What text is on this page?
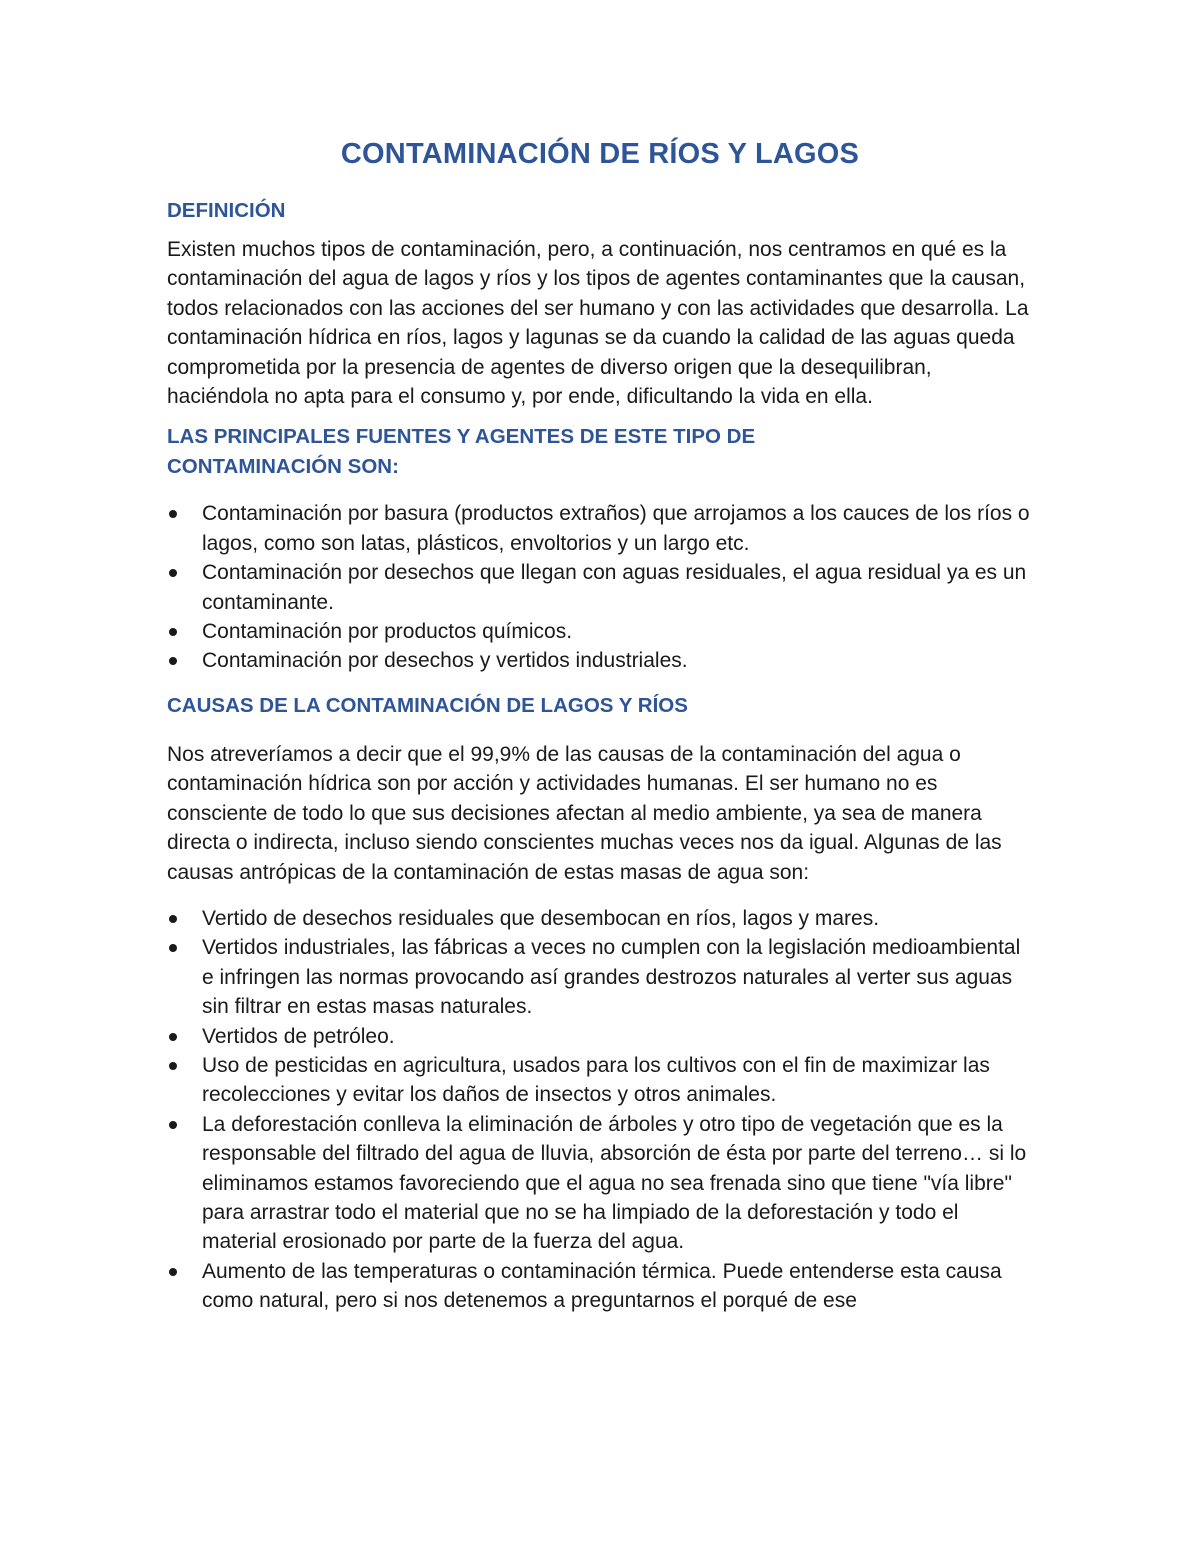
CONTAMINACIÓN DE RÍOS Y LAGOS
DEFINICIÓN

Existen muchos tipos de contaminación, pero, a continuación, nos centramos en qué es la contaminación del agua de lagos y ríos y los tipos de agentes contaminantes que la causan, todos relacionados con las acciones del ser humano y con las actividades que desarrolla. La contaminación hídrica en ríos, lagos y lagunas se da cuando la calidad de las aguas queda comprometida por la presencia de agentes de diverso origen que la desequilibran, haciéndola no apta para el consumo y, por ende, dificultando la vida en ella.

LAS PRINCIPALES FUENTES Y AGENTES DE ESTE TIPO DE
CONTAMINACIÓN SON:
Contaminación por basura (productos extraños) que arrojamos a los cauces de los ríos o lagos, como son latas, plásticos, envoltorios y un largo etc.
Contaminación por desechos que llegan con aguas residuales, el agua residual ya es un contaminante.
Contaminación por productos químicos.
Contaminación por desechos y vertidos industriales.
CAUSAS DE LA CONTAMINACIÓN DE LAGOS Y RÍOS

Nos atreveríamos a decir que el 99,9% de las causas de la contaminación del agua o contaminación hídrica son por acción y actividades humanas. El ser humano no es consciente de todo lo que sus decisiones afectan al medio ambiente, ya sea de manera directa o indirecta, incluso siendo conscientes muchas veces nos da igual. Algunas de las causas antrópicas de la contaminación de estas masas de agua son:

Vertido de desechos residuales que desembocan en ríos, lagos y mares.
Vertidos industriales, las fábricas a veces no cumplen con la legislación medioambiental e infringen las normas provocando así grandes destrozos naturales al verter sus aguas sin filtrar en estas masas naturales.
Vertidos de petróleo.
Uso de pesticidas en agricultura, usados para los cultivos con el fin de maximizar las recolecciones y evitar los daños de insectos y otros animales.
La deforestación conlleva la eliminación de árboles y otro tipo de vegetación que es la responsable del filtrado del agua de lluvia, absorción de ésta por parte del terreno… si lo eliminamos estamos favoreciendo que el agua no sea frenada sino que tiene "vía libre" para arrastrar todo el material que no se ha limpiado de la deforestación y todo el material erosionado por parte de la fuerza del agua.
Aumento de las temperaturas o contaminación térmica. Puede entenderse esta causa como natural, pero si nos detenemos a preguntarnos el porqué de ese
